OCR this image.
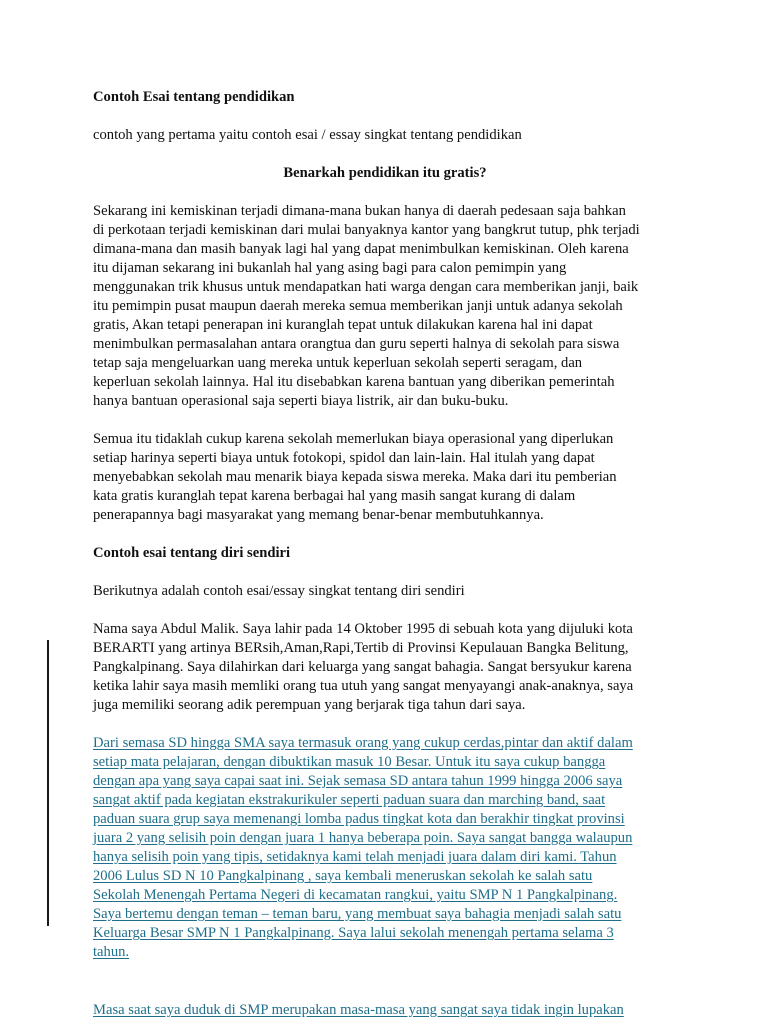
Contoh Esai tentang pendidikan

contoh yang pertama yaitu contoh esai / essay singkat tentang pendidikan

Benarkah pendidikan itu gratis?

Sekarang ini kemiskinan terjadi dimana-mana bukan hanya di daerah pedesaan saja bahkan
di perkotaan terjadi kemiskinan dari mulai banyaknya kantor yang bangkrut tutup, phk terjadi
dimana-mana dan masih banyak lagi hal yang dapat menimbulkan kemiskinan. Oleh karena
itu dijaman sekarang ini bukanlah hal yang asing bagi para calon pemimpin yang
menggunakan trik khusus untuk mendapatkan hati warga dengan cara memberikan janji, baik
itu pemimpin pusat maupun daerah mereka semua memberikan janji untuk adanya sekolah
gratis, Akan tetapi penerapan ini kuranglah tepat untuk dilakukan karena hal ini dapat
menimbulkan permasalahan antara orangtua dan guru seperti halnya di sekolah para siswa
tetap saja mengeluarkan uang mereka untuk keperluan sekolah seperti seragam, dan
keperluan sekolah lainnya. Hal itu disebabkan karena bantuan yang diberikan pemerintah
hanya bantuan operasional saja seperti biaya listrik, air dan buku-buku.

Semua itu tidaklah cukup karena sekolah memerlukan biaya operasional yang diperlukan
setiap harinya seperti biaya untuk fotokopi, spidol dan lain-lain. Hal itulah yang dapat
menyebabkan sekolah mau menarik biaya kepada siswa mereka. Maka dari itu pemberian
kata gratis kuranglah tepat karena berbagai hal yang masih sangat kurang di dalam
penerapannya bagi masyarakat yang memang benar-benar membutuhkannya.

Contoh esai tentang diri sendiri

Berikutnya adalah contoh esai/essay singkat tentang diri sendiri

Nama saya Abdul Malik. Saya lahir pada 14 Oktober 1995 di sebuah kota yang dijuluki kota
BERARTI yang artinya BERsih,Aman,Rapi,Tertib di Provinsi Kepulauan Bangka Belitung,
Pangkalpinang. Saya dilahirkan dari keluarga yang sangat bahagia. Sangat bersyukur karena
ketika lahir saya masih memliki orang tua utuh yang sangat menyayangi anak-anaknya, saya
juga memiliki seorang adik perempuan yang berjarak tiga tahun dari saya.

Dari semasa SD hingga SMA saya termasuk orang yang cukup cerdas,pintar dan aktif dalam
setiap mata pelajaran, dengan dibuktikan masuk 10 Besar. Untuk itu saya cukup bangga
dengan apa yang saya capai saat ini. Sejak semasa SD antara tahun 1999 hingga 2006 saya
sangat aktif pada kegiatan ekstrakurikuler seperti paduan suara dan marching band, saat
paduan suara grup saya memenangi lomba padus tingkat kota dan berakhir tingkat provinsi
juara 2 yang selisih poin dengan juara 1 hanya beberapa poin. Saya sangat bangga walaupun
hanya selisih poin yang tipis, setidaknya kami telah menjadi juara dalam diri kami. Tahun
2006 Lulus SD N 10 Pangkalpinang , saya kembali meneruskan sekolah ke salah satu
Sekolah Menengah Pertama Negeri di kecamatan rangkui, yaitu SMP N 1 Pangkalpinang.
Saya bertemu dengan teman – teman baru, yang membuat saya bahagia menjadi salah satu
Keluarga Besar SMP N 1 Pangkalpinang. Saya lalui sekolah menengah pertama selama 3
tahun.

Masa saat saya duduk di SMP merupakan masa-masa yang sangat saya tidak ingin lupakan
